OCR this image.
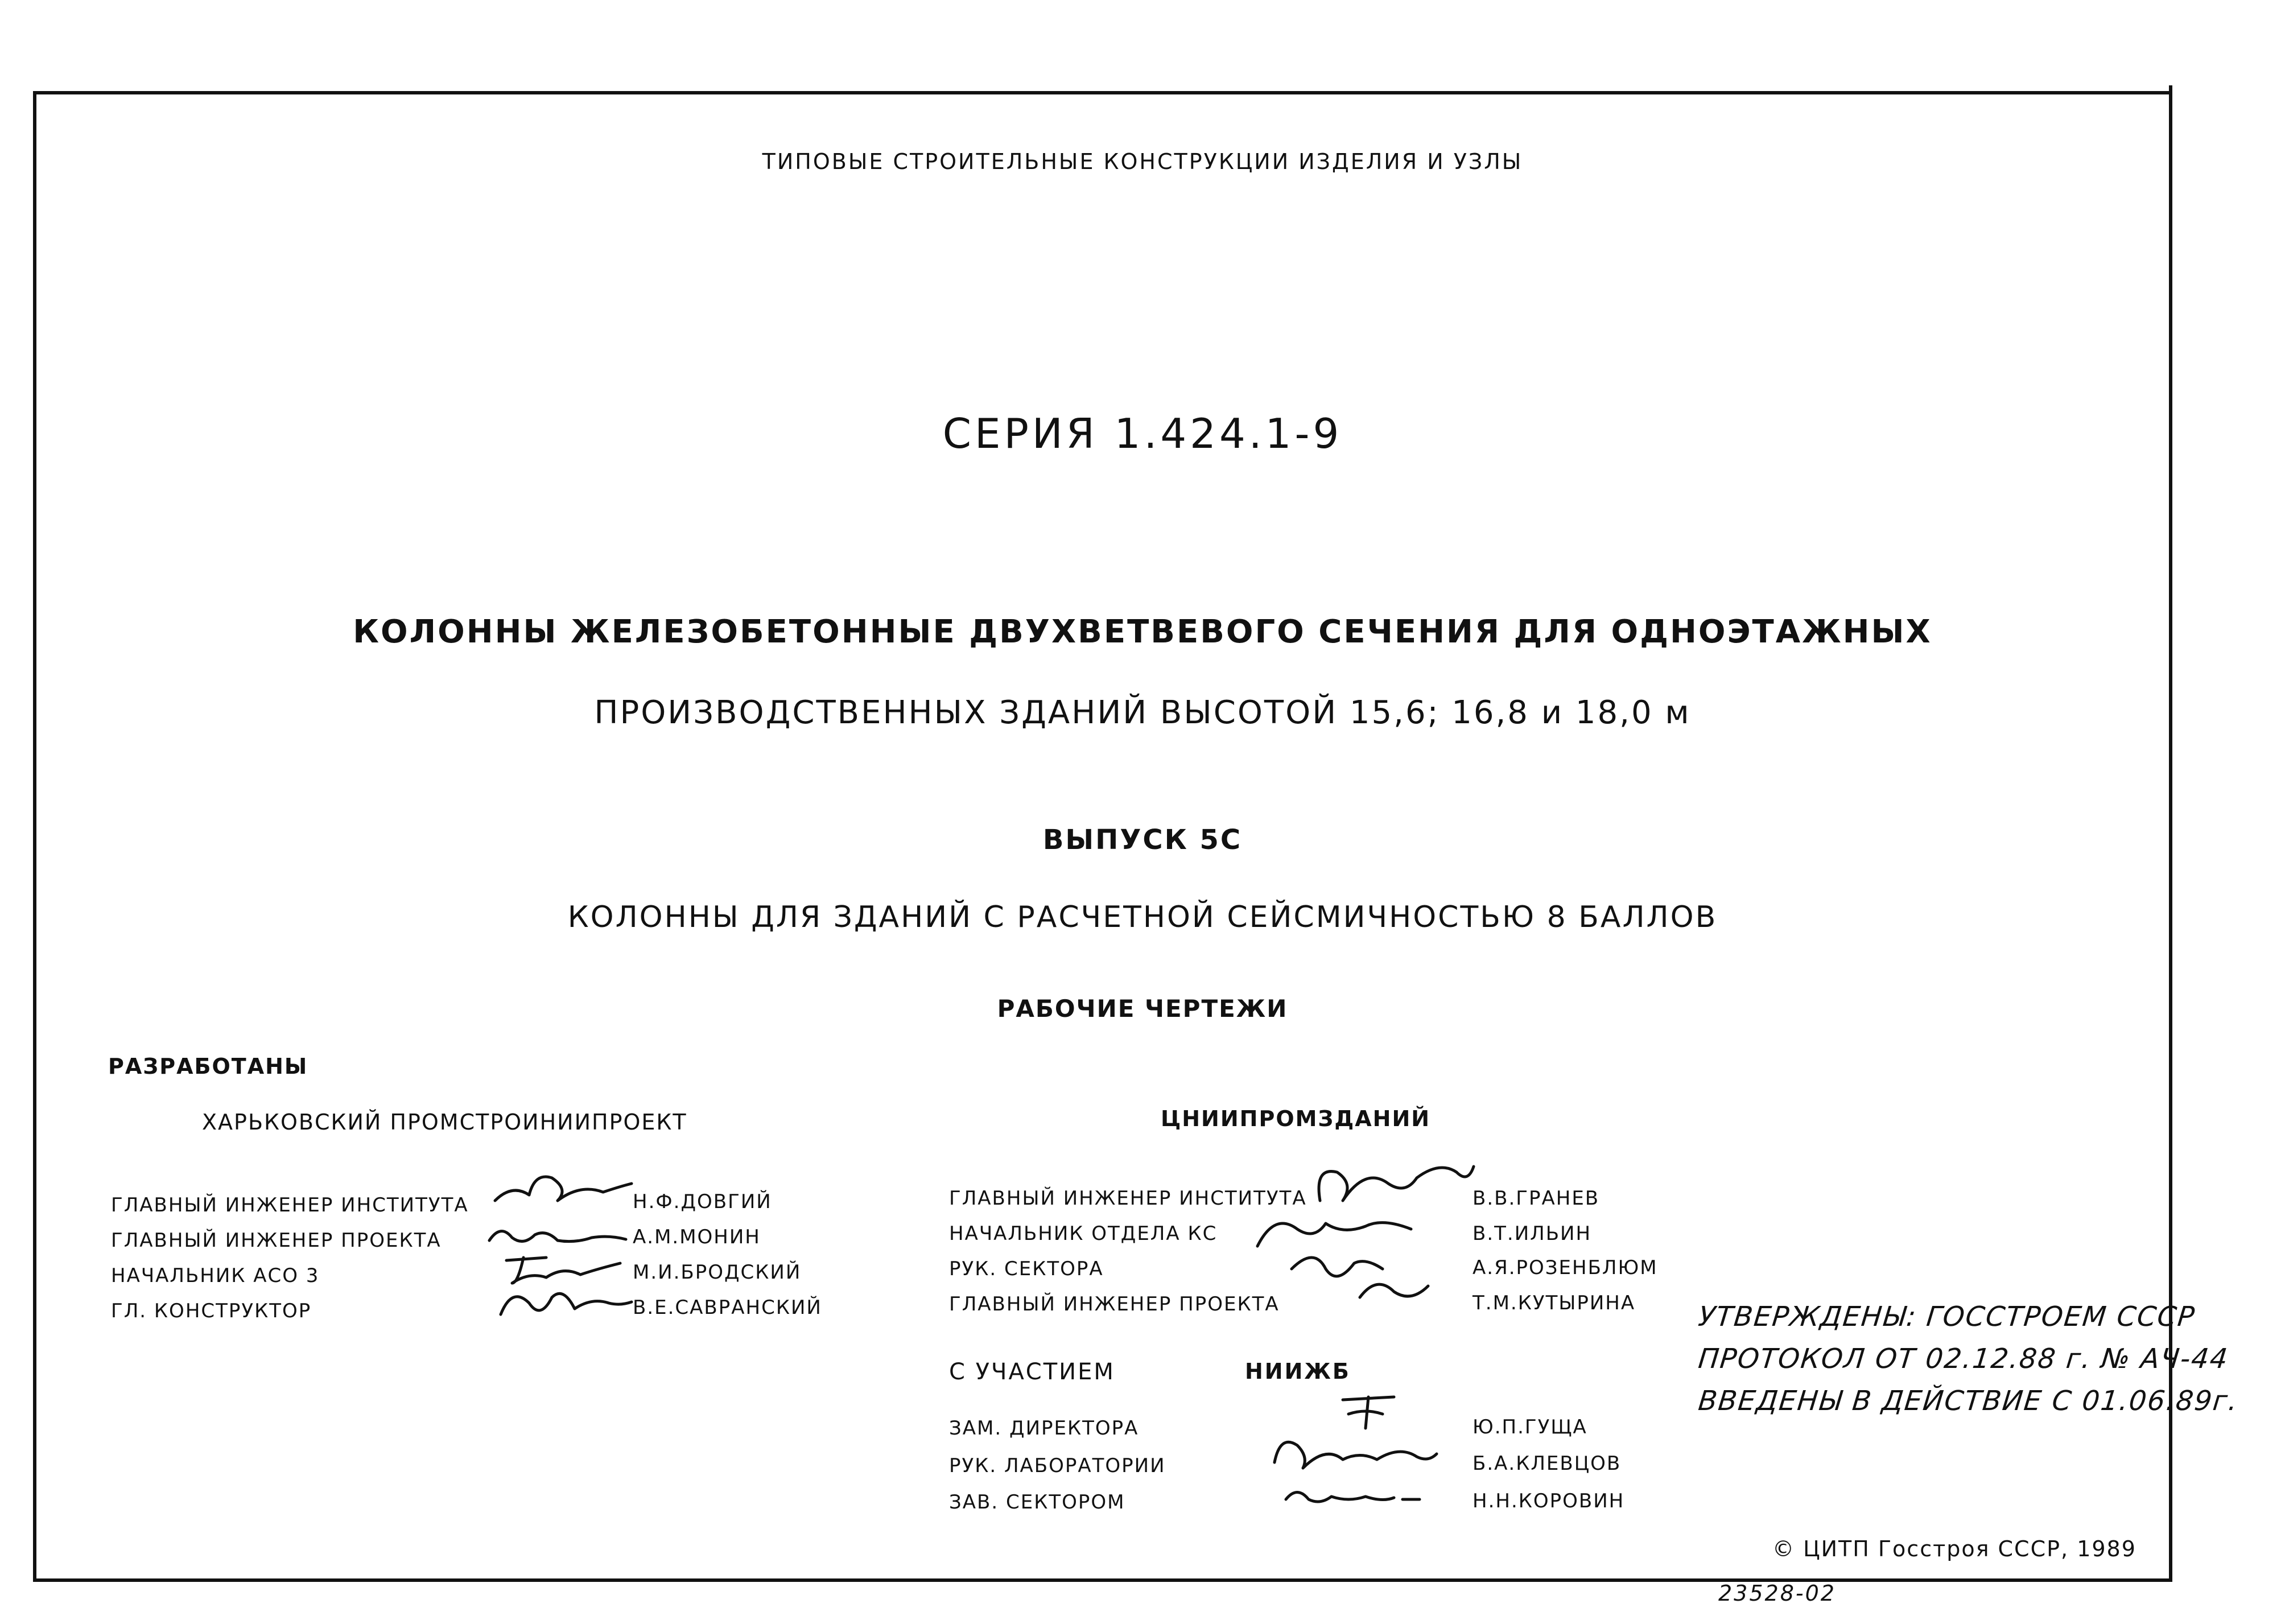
ТИПОВЫЕ СТРОИТЕЛЬНЫЕ КОНСТРУКЦИИ ИЗДЕЛИЯ И УЗЛЫ
СЕРИЯ 1.424.1-9
КОЛОННЫ ЖЕЛЕЗОБЕТОННЫЕ ДВУХВЕТВЕВОГО СЕЧЕНИЯ ДЛЯ ОДНОЭТАЖНЫХ
ПРОИЗВОДСТВЕННЫХ ЗДАНИЙ ВЫСОТОЙ 15,6; 16,8 и 18,0 м
ВЫПУСК 5С
КОЛОННЫ ДЛЯ ЗДАНИЙ С РАСЧЕТНОЙ СЕЙСМИЧНОСТЬЮ 8 БАЛЛОВ
РАБОЧИЕ ЧЕРТЕЖИ
РАЗРАБОТАНЫ
ХАРЬКОВСКИЙ ПРОМСТРОИНИИПРОЕКТ
ГЛАВНЫЙ ИНЖЕНЕР ИНСТИТУТА	Н.Ф.ДОВГИЙ
ГЛАВНЫЙ ИНЖЕНЕР ПРОЕКТА	А.М.МОНИН
НАЧАЛЬНИК АСО 3	М.И.БРОДСКИЙ
ГЛ. КОНСТРУКТОР	В.Е.САВРАНСКИЙ
ЦНИИПРОМЗДАНИЙ
ГЛАВНЫЙ ИНЖЕНЕР ИНСТИТУТА	В.В.ГРАНЕВ
НАЧАЛЬНИК ОТДЕЛА КС	В.Т.ИЛЬИН
РУК. СЕКТОРА	А.Я.РОЗЕНБЛЮМ
ГЛАВНЫЙ ИНЖЕНЕР ПРОЕКТА	Т.М.КУТЫРИНА
С УЧАСТИЕМ	НИИЖБ
ЗАМ. ДИРЕКТОРА	Ю.П.ГУЩА
РУК. ЛАБОРАТОРИИ	Б.А.КЛЕВЦОВ
ЗАВ. СЕКТОРОМ	Н.Н.КОРОВИН
УТВЕРЖДЕНЫ: ГОССТРОЕМ СССР
ПРОТОКОЛ ОТ 02.12.88 г. № АЧ-44
ВВЕДЕНЫ В ДЕЙСТВИЕ С 01.06.89г.
© ЦИТП Госстроя СССР, 1989
23528-02
